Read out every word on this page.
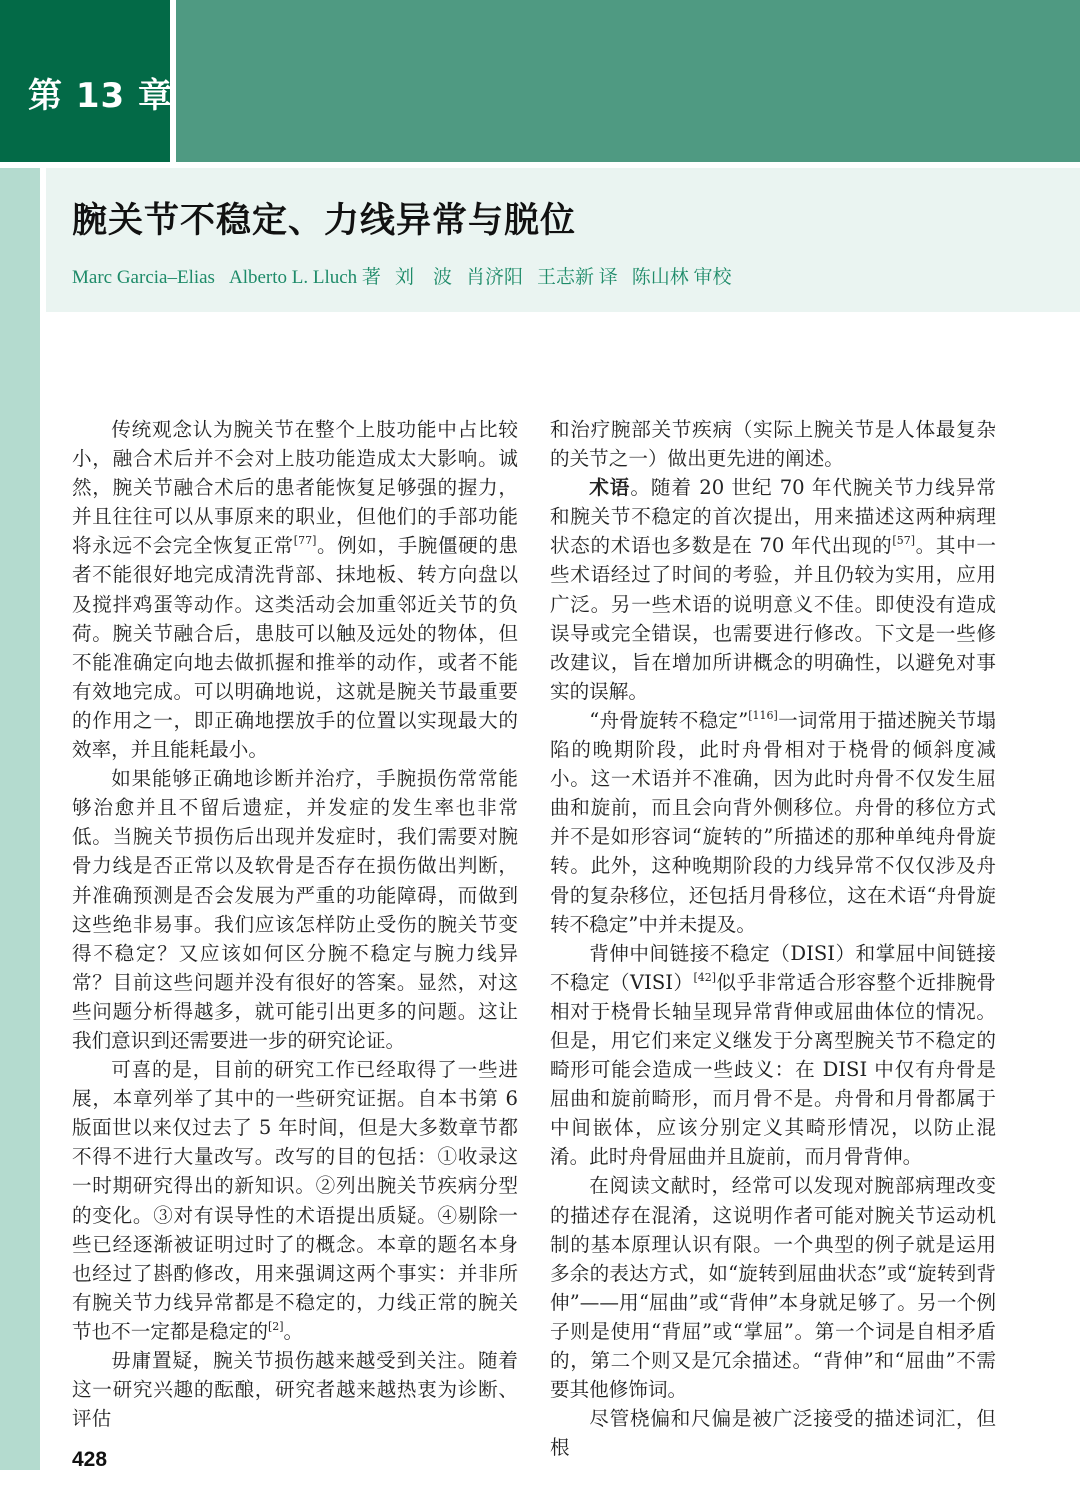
第 13 章
腕关节不稳定、力线异常与脱位
Marc Garcia–Elias Alberto L. Lluch 著 刘　波 肖济阳 王志新 译 陈山林 审校

传统观念认为腕关节在整个上肢功能中占比较小，融合术后并不会对上肢功能造成太大影响。诚然，腕关节融合术后的患者能恢复足够强的握力，并且往往可以从事原来的职业，但他们的手部功能将永远不会完全恢复正常[77]。例如，手腕僵硬的患者不能很好地完成清洗背部、抹地板、转方向盘以及搅拌鸡蛋等动作。这类活动会加重邻近关节的负荷。腕关节融合后，患肢可以触及远处的物体，但不能准确定向地去做抓握和推举的动作，或者不能有效地完成。可以明确地说，这就是腕关节最重要的作用之一，即正确地摆放手的位置以实现最大的效率，并且能耗最小。

如果能够正确地诊断并治疗，手腕损伤常常能够治愈并且不留后遗症，并发症的发生率也非常低。当腕关节损伤后出现并发症时，我们需要对腕骨力线是否正常以及软骨是否存在损伤做出判断，并准确预测是否会发展为严重的功能障碍，而做到这些绝非易事。我们应该怎样防止受伤的腕关节变得不稳定？又应该如何区分腕不稳定与腕力线异常？目前这些问题并没有很好的答案。显然，对这些问题分析得越多，就可能引出更多的问题。这让我们意识到还需要进一步的研究论证。

可喜的是，目前的研究工作已经取得了一些进展，本章列举了其中的一些研究证据。自本书第 6 版面世以来仅过去了 5 年时间，但是大多数章节都不得不进行大量改写。改写的目的包括：①收录这一时期研究得出的新知识。②列出腕关节疾病分型的变化。③对有误导性的术语提出质疑。④剔除一些已经逐渐被证明过时了的概念。本章的题名本身也经过了斟酌修改，用来强调这两个事实：并非所有腕关节力线异常都是不稳定的，力线正常的腕关节也不一定都是稳定的[2]。

毋庸置疑，腕关节损伤越来越受到关注。随着这一研究兴趣的酝酿，研究者越来越热衷为诊断、评估

428

和治疗腕部关节疾病（实际上腕关节是人体最复杂的关节之一）做出更先进的阐述。

术语。随着 20 世纪 70 年代腕关节力线异常和腕关节不稳定的首次提出，用来描述这两种病理状态的术语也多数是在 70 年代出现的[57]。其中一些术语经过了时间的考验，并且仍较为实用，应用广泛。另一些术语的说明意义不佳。即使没有造成误导或完全错误，也需要进行修改。下文是一些修改建议，旨在增加所讲概念的明确性，以避免对事实的误解。

“舟骨旋转不稳定”[116]一词常用于描述腕关节塌陷的晚期阶段，此时舟骨相对于桡骨的倾斜度减小。这一术语并不准确，因为此时舟骨不仅发生屈曲和旋前，而且会向背外侧移位。舟骨的移位方式并不是如形容词“旋转的”所描述的那种单纯舟骨旋转。此外，这种晚期阶段的力线异常不仅仅涉及舟骨的复杂移位，还包括月骨移位，这在术语“舟骨旋转不稳定”中并未提及。

背伸中间链接不稳定（DISI）和掌屈中间链接不稳定（VISI）[42]似乎非常适合形容整个近排腕骨相对于桡骨长轴呈现异常背伸或屈曲体位的情况。但是，用它们来定义继发于分离型腕关节不稳定的畸形可能会造成一些歧义：在 DISI 中仅有舟骨是屈曲和旋前畸形，而月骨不是。舟骨和月骨都属于中间嵌体，应该分别定义其畸形情况，以防止混淆。此时舟骨屈曲并且旋前，而月骨背伸。

在阅读文献时，经常可以发现对腕部病理改变的描述存在混淆，这说明作者可能对腕关节运动机制的基本原理认识有限。一个典型的例子就是运用多余的表达方式，如“旋转到屈曲状态”或“旋转到背伸”——用“屈曲”或“背伸”本身就足够了。另一个例子则是使用“背屈”或“掌屈”。第一个词是自相矛盾的，第二个则又是冗余描述。“背伸”和“屈曲”不需要其他修饰词。

尽管桡偏和尺偏是被广泛接受的描述词汇，但根
